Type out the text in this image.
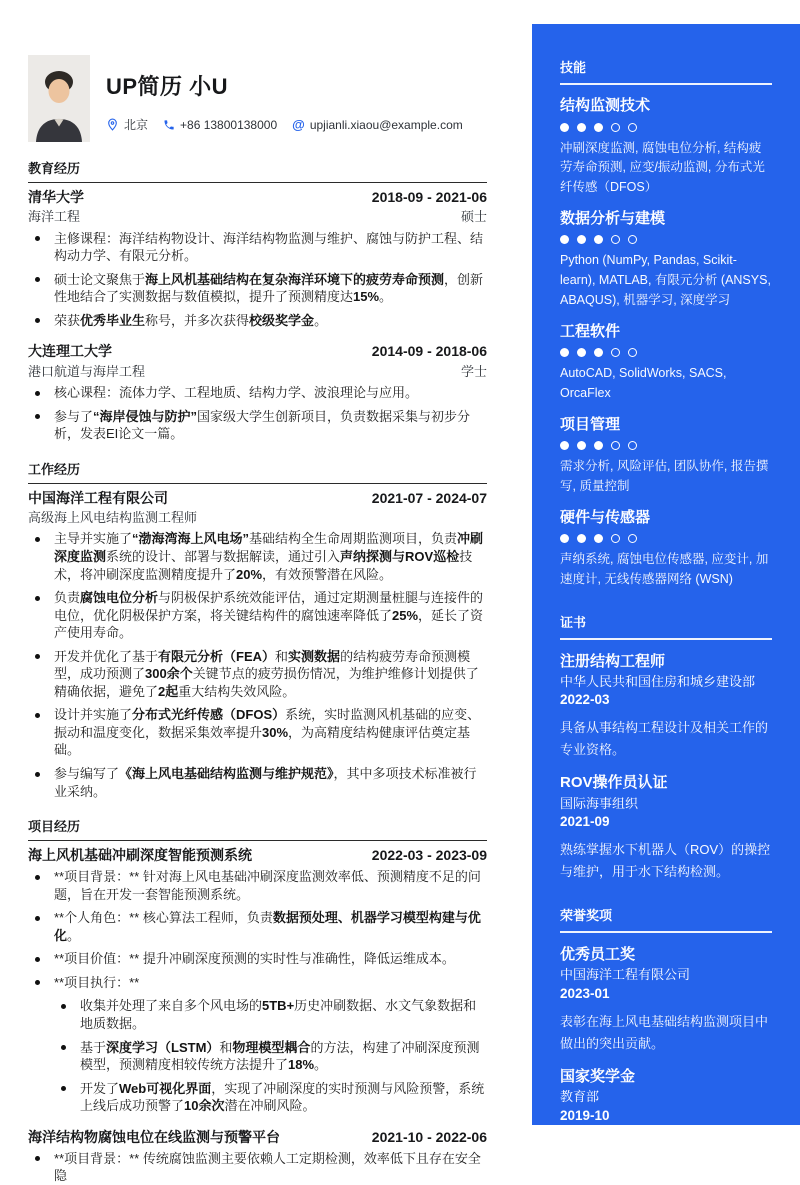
UP简历 小U
北京	+86 13800138000 @ upjianli.xiaou@example.com
教育经历
清华大学	2018-09 - 2021-06
海洋工程	硕士
主修课程：海洋结构物设计、海洋结构物监测与维护、腐蚀与防护工程、结构动力学、有限元分析。
硕士论文聚焦于海上风机基础结构在复杂海洋环境下的疲劳寿命预测，创新性地结合了实测数据与数值模拟，提升了预测精度达15%。
荣获优秀毕业生称号，并多次获得校级奖学金。
大连理工大学	2014-09 - 2018-06
港口航道与海岸工程	学士
核心课程：流体力学、工程地质、结构力学、波浪理论与应用。
参与了“海岸侵蚀与防护”国家级大学生创新项目，负责数据采集与初步分析，发表EI论文一篇。
工作经历
中国海洋工程有限公司	2021-07 - 2024-07
高级海上风电结构监测工程师
主导并实施了“渤海湾海上风电场”基础结构全生命周期监测项目，负责冲刷深度监测系统的设计、部署与数据解读，通过引入声纳探测与ROV巡检技术，将冲刷深度监测精度提升了20%，有效预警潜在风险。
负责腐蚀电位分析与阴极保护系统效能评估，通过定期测量桩腿与连接件的电位，优化阴极保护方案，将关键结构件的腐蚀速率降低了25%，延长了资产使用寿命。
开发并优化了基于有限元分析（FEA）和实测数据的结构疲劳寿命预测模型，成功预测了300余个关键节点的疲劳损伤情况，为维护维修计划提供了精确依据，避免了2起重大结构失效风险。
设计并实施了分布式光纤传感（DFOS）系统，实时监测风机基础的应变、振动和温度变化，数据采集效率提升30%，为高精度结构健康评估奠定基础。
参与编写了《海上风电基础结构监测与维护规范》，其中多项技术标准被行业采纳。
项目经历
海上风机基础冲刷深度智能预测系统	2022-03 - 2023-09
**项目背景：** 针对海上风电基础冲刷深度监测效率低、预测精度不足的问题，旨在开发一套智能预测系统。
**个人角色：** 核心算法工程师，负责数据预处理、机器学习模型构建与优化。
**项目价值：** 提升冲刷深度预测的实时性与准确性，降低运维成本。
**项目执行：**
收集并处理了来自多个风电场的5TB+历史冲刷数据、水文气象数据和地质数据。
基于深度学习（LSTM）和物理模型耦合的方法，构建了冲刷深度预测模型，预测精度相较传统方法提升了18%。
开发了Web可视化界面，实现了冲刷深度的实时预测与风险预警，系统上线后成功预警了10余次潜在冲刷风险。
海洋结构物腐蚀电位在线监测与预警平台	2021-10 - 2022-06
**项目背景：** 传统腐蚀监测主要依赖人工定期检测，效率低下且存在安全隐
技能
结构监测技术
冲刷深度监测, 腐蚀电位分析, 结构疲劳寿命预测, 应变/振动监测, 分布式光纤传感（DFOS）
数据分析与建模
Python (NumPy, Pandas, Scikit-learn), MATLAB, 有限元分析 (ANSYS, ABAQUS), 机器学习, 深度学习
工程软件
AutoCAD, SolidWorks, SACS, OrcaFlex
项目管理
需求分析, 风险评估, 团队协作, 报告撰写, 质量控制
硬件与传感器
声纳系统, 腐蚀电位传感器, 应变计, 加速度计, 无线传感器网络 (WSN)
证书
注册结构工程师
中华人民共和国住房和城乡建设部
2022-03
具备从事结构工程设计及相关工作的专业资格。
ROV操作员认证
国际海事组织
2021-09
熟练掌握水下机器人（ROV）的操控与维护，用于水下结构检测。
荣誉奖项
优秀员工奖
中国海洋工程有限公司
2023-01
表彰在海上风电基础结构监测项目中做出的突出贡献。
国家奖学金
教育部
2019-10
在硕士期间学习成绩优异，科研成果突出。
